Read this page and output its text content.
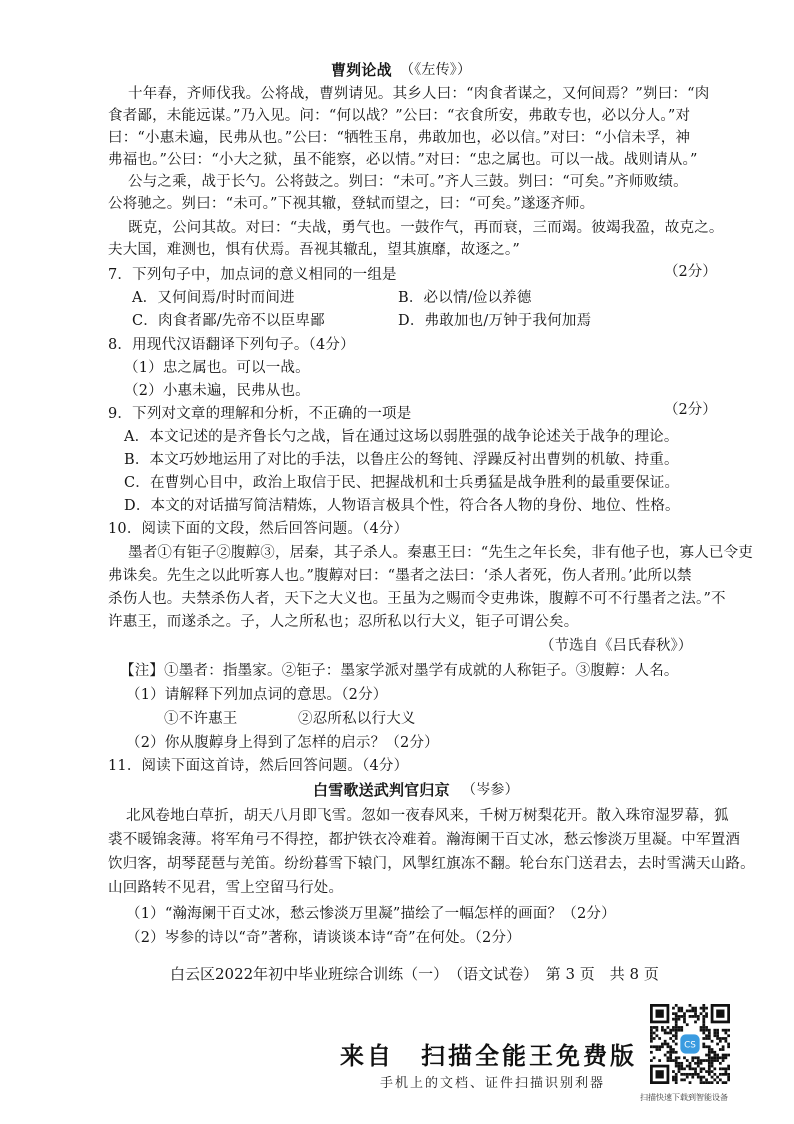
曹刿论战 （《左传》）
十年春，齐师伐我。公将战，曹刿请见。其乡人曰：“肉食者谋之，又何间焉？”刿曰：“肉
食者鄙，未能远谋。”乃入见。问：“何以战？”公曰：“衣食所安，弗敢专也，必以分人。”对
曰：“小惠未遍，民弗从也。”公曰：“牺牲玉帛，弗敢加也，必以信。”对曰：“小信未孚，神
弗福也。”公曰：“小大之狱，虽不能察，必以情。”对曰：“忠之属也。可以一战。战则请从。”
公与之乘，战于长勺。公将鼓之。刿曰：“未可。”齐人三鼓。刿曰：“可矣。”齐师败绩。
公将驰之。刿曰：“未可。”下视其辙，登轼而望之，曰：“可矣。”遂逐齐师。
既克，公问其故。对曰：“夫战，勇气也。一鼓作气，再而衰，三而竭。彼竭我盈，故克之。
夫大国，难测也，惧有伏焉。吾视其辙乱，望其旗靡，故逐之。”
7．下列句子中，加点词的意义相同的一组是	（2分）
A．又何间焉/时时而间进	B．必以情/俭以养德
C．肉食者鄙/先帝不以臣卑鄙	D．弗敢加也/万钟于我何加焉
8．用现代汉语翻译下列句子。（4分）
（1）忠之属也。可以一战。
（2）小惠未遍，民弗从也。
9．下列对文章的理解和分析，不正确的一项是	（2分）
A．本文记述的是齐鲁长勺之战，旨在通过这场以弱胜强的战争论述关于战争的理论。
B．本文巧妙地运用了对比的手法，以鲁庄公的驽钝、浮躁反衬出曹刿的机敏、持重。
C．在曹刿心目中，政治上取信于民、把握战机和士兵勇猛是战争胜利的最重要保证。
D．本文的对话描写简洁精炼，人物语言极具个性，符合各人物的身份、地位、性格。
10．阅读下面的文段，然后回答问题。（4分）
墨者①有钜子②腹䵍③，居秦，其子杀人。秦惠王曰：“先生之年长矣，非有他子也，寡人已令吏
弗诛矣。先生之以此听寡人也。”腹䵍对曰：“墨者之法曰：‘杀人者死，伤人者刑。’此所以禁
杀伤人也。夫禁杀伤人者，天下之大义也。王虽为之赐而令吏弗诛，腹䵍不可不行墨者之法。”不
许惠王，而遂杀之。子，人之所私也；忍所私以行大义，钜子可谓公矣。
（节选自《吕氏春秋》）
【注】①墨者：指墨家。②钜子：墨家学派对墨学有成就的人称钜子。③腹䵍：人名。
（1）请解释下列加点词的意思。（2分）
①不许惠王	②忍所私以行大义
（2）你从腹䵍身上得到了怎样的启示？（2分）
11．阅读下面这首诗，然后回答问题。（4分）
白雪歌送武判官归京 （岑参）
北风卷地白草折，胡天八月即飞雪。忽如一夜春风来，千树万树梨花开。散入珠帘湿罗幕，狐
裘不暖锦衾薄。将军角弓不得控，都护铁衣冷难着。瀚海阑干百丈冰，愁云惨淡万里凝。中军置酒
饮归客，胡琴琵琶与羌笛。纷纷暮雪下辕门，风掣红旗冻不翻。轮台东门送君去，去时雪满天山路。
山回路转不见君，雪上空留马行处。
（1）“瀚海阑干百丈冰，愁云惨淡万里凝”描绘了一幅怎样的画面？（2分）
（2）岑参的诗以“奇”著称，请谈谈本诗“奇”在何处。（2分）
白云区2022年初中毕业班综合训练（一）　（语文试卷）　第 3 页　共 8 页
来自　扫描全能王免费版
手机上的文档、证件扫描识别利器
CS
扫描快速下载到智能设备
